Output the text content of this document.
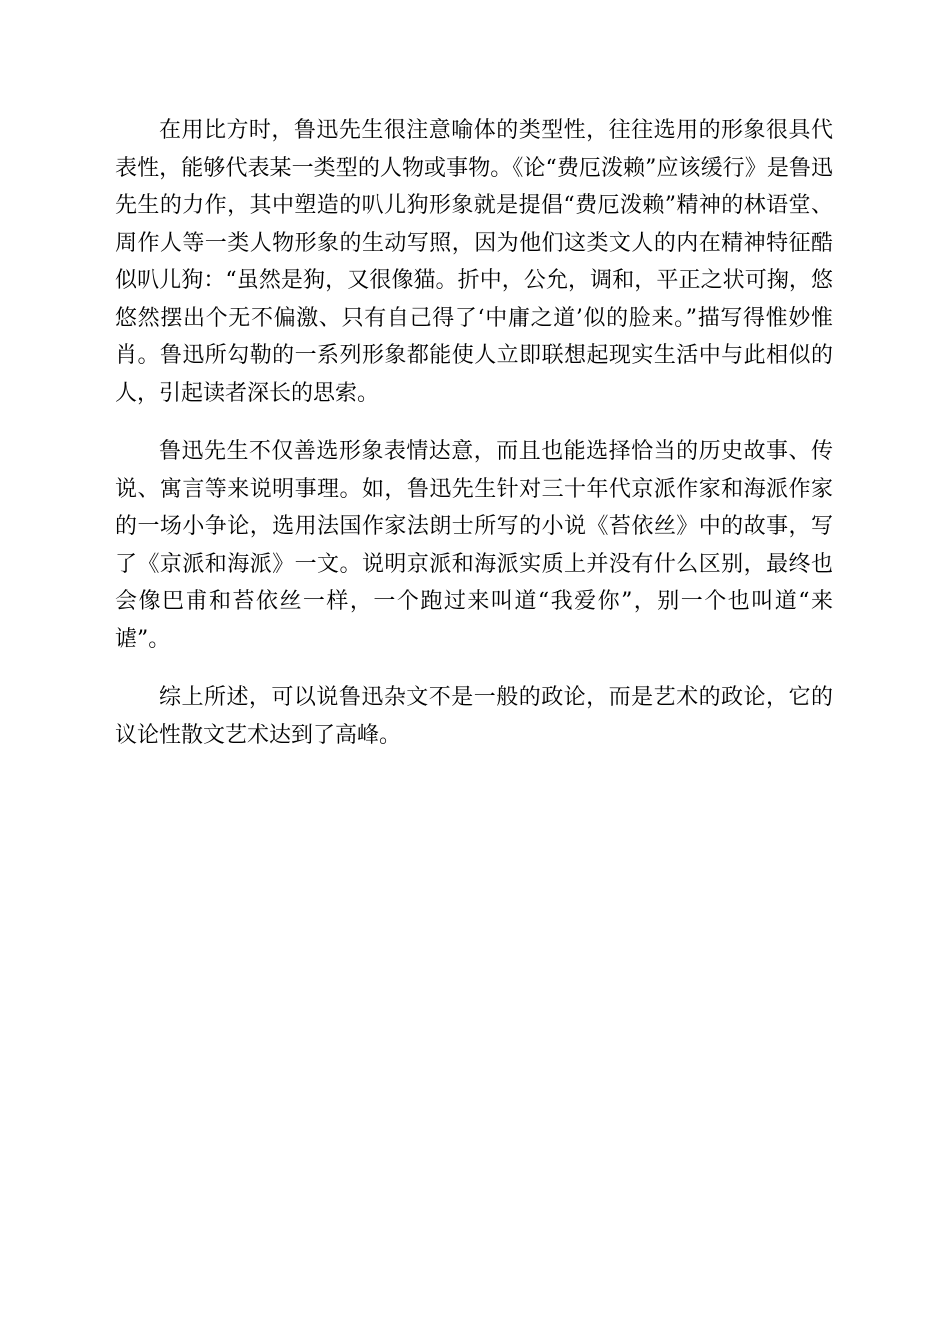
在用比方时，鲁迅先生很注意喻体的类型性，往往选用的形象很具代表性，能够代表某一类型的人物或事物。《论“费厄泼赖”应该缓行》是鲁迅先生的力作，其中塑造的叭儿狗形象就是提倡“费厄泼赖”精神的林语堂、周作人等一类人物形象的生动写照，因为他们这类文人的内在精神特征酷似叭儿狗：“虽然是狗，又很像猫。折中，公允，调和，平正之状可掬，悠悠然摆出个无不偏激、只有自己得了‘中庸之道’似的脸来。”描写得惟妙惟肖。鲁迅所勾勒的一系列形象都能使人立即联想起现实生活中与此相似的人，引起读者深长的思索。

鲁迅先生不仅善选形象表情达意，而且也能选择恰当的历史故事、传说、寓言等来说明事理。如，鲁迅先生针对三十年代京派作家和海派作家的一场小争论，选用法国作家法朗士所写的小说《苔依丝》中的故事，写了《京派和海派》一文。说明京派和海派实质上并没有什么区别，最终也会像巴甫和苔依丝一样，一个跑过来叫道“我爱你”，别一个也叫道“来谑”。

综上所述，可以说鲁迅杂文不是一般的政论，而是艺术的政论，它的议论性散文艺术达到了高峰。
